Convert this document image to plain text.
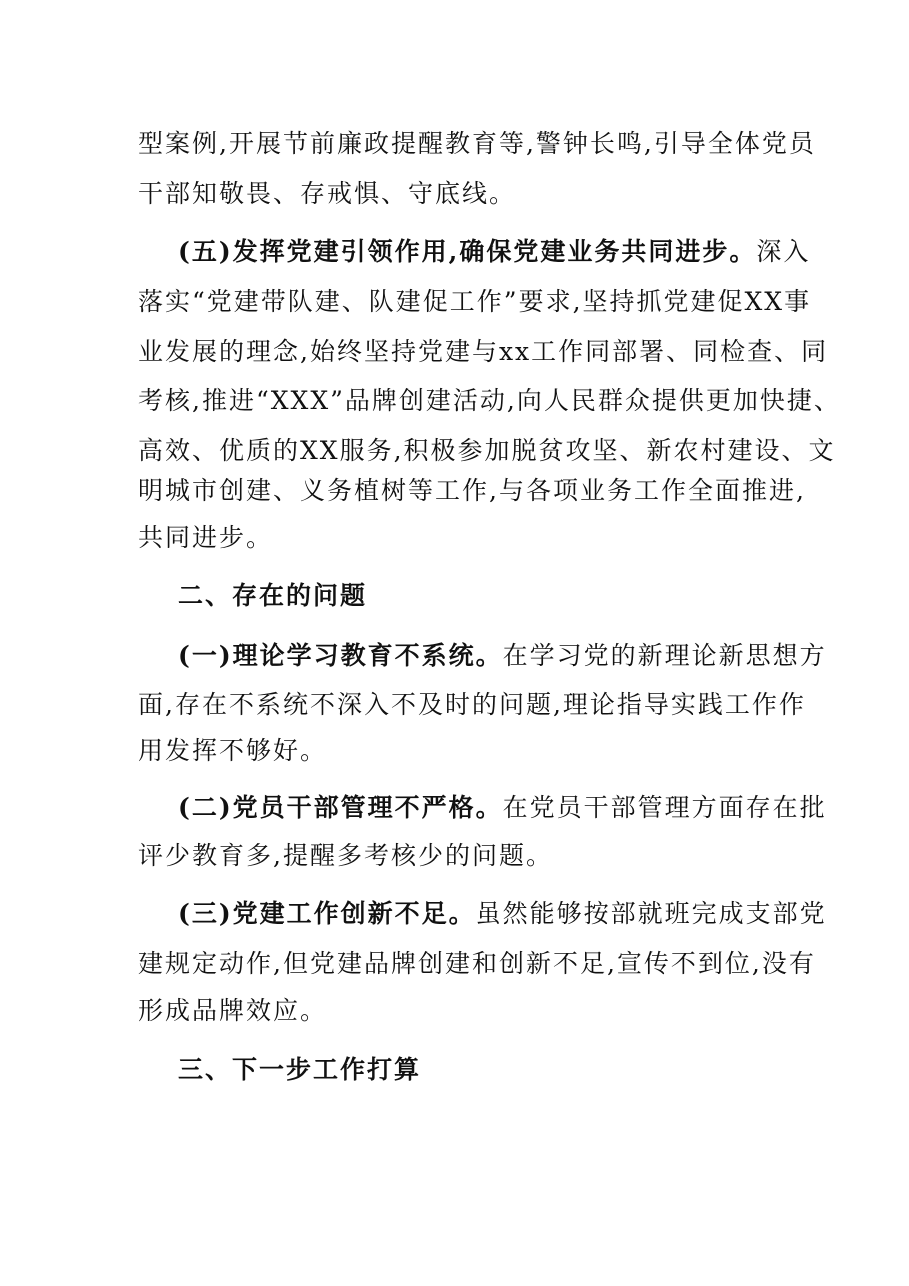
型案例,开展节前廉政提醒教育等,警钟长鸣,引导全体党员
干部知敬畏、存戒惧、守底线。
(五)发挥党建引领作用,确保党建业务共同进步。深入
落实“党建带队建、队建促工作”要求,坚持抓党建促XX事
业发展的理念,始终坚持党建与xx工作同部署、同检查、同
考核,推进“XXX”品牌创建活动,向人民群众提供更加快捷、
高效、优质的XX服务,积极参加脱贫攻坚、新农村建设、文
明城市创建、义务植树等工作,与各项业务工作全面推进,
共同进步。
二、存在的问题
(一)理论学习教育不系统。在学习党的新理论新思想方
面,存在不系统不深入不及时的问题,理论指导实践工作作
用发挥不够好。
(二)党员干部管理不严格。在党员干部管理方面存在批
评少教育多,提醒多考核少的问题。
(三)党建工作创新不足。虽然能够按部就班完成支部党
建规定动作,但党建品牌创建和创新不足,宣传不到位,没有
形成品牌效应。
三、下一步工作打算
